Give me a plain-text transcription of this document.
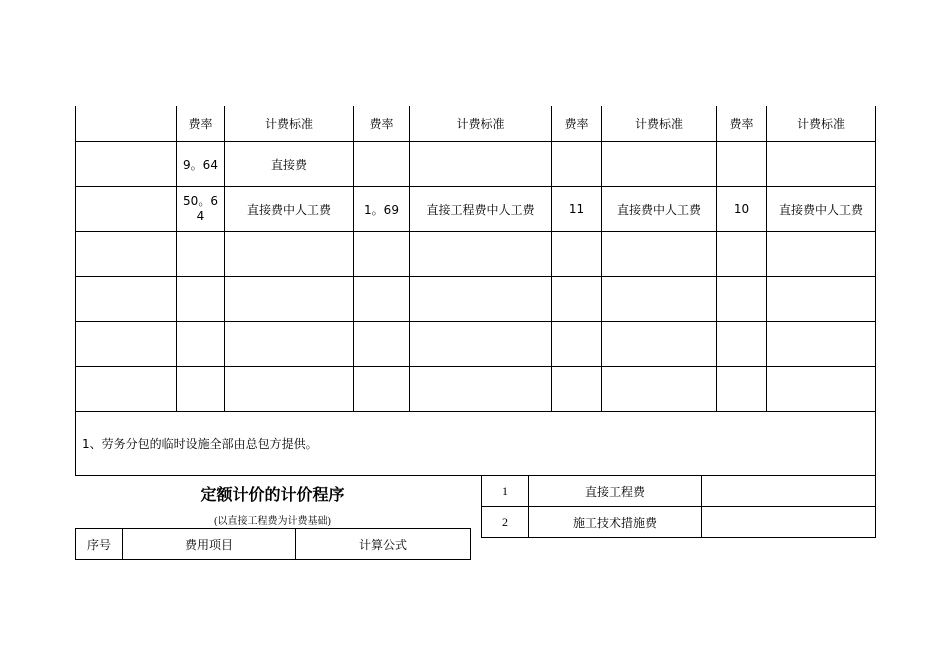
	费率	计费标准	费率	计费标准	费率	计费标准	费率	计费标准
	9。64	直接费						
	50。64	直接费中人工费	1。69	直接工程费中人工费	11	直接费中人工费	10	直接费中人工费

1、劳务分包的临时设施全部由总包方提供。								
定额计价的计价程序
(以直接工程费为计费基础)
序号	费用项目	计算公式
1	直接工程费	
2	施工技术措施费	
